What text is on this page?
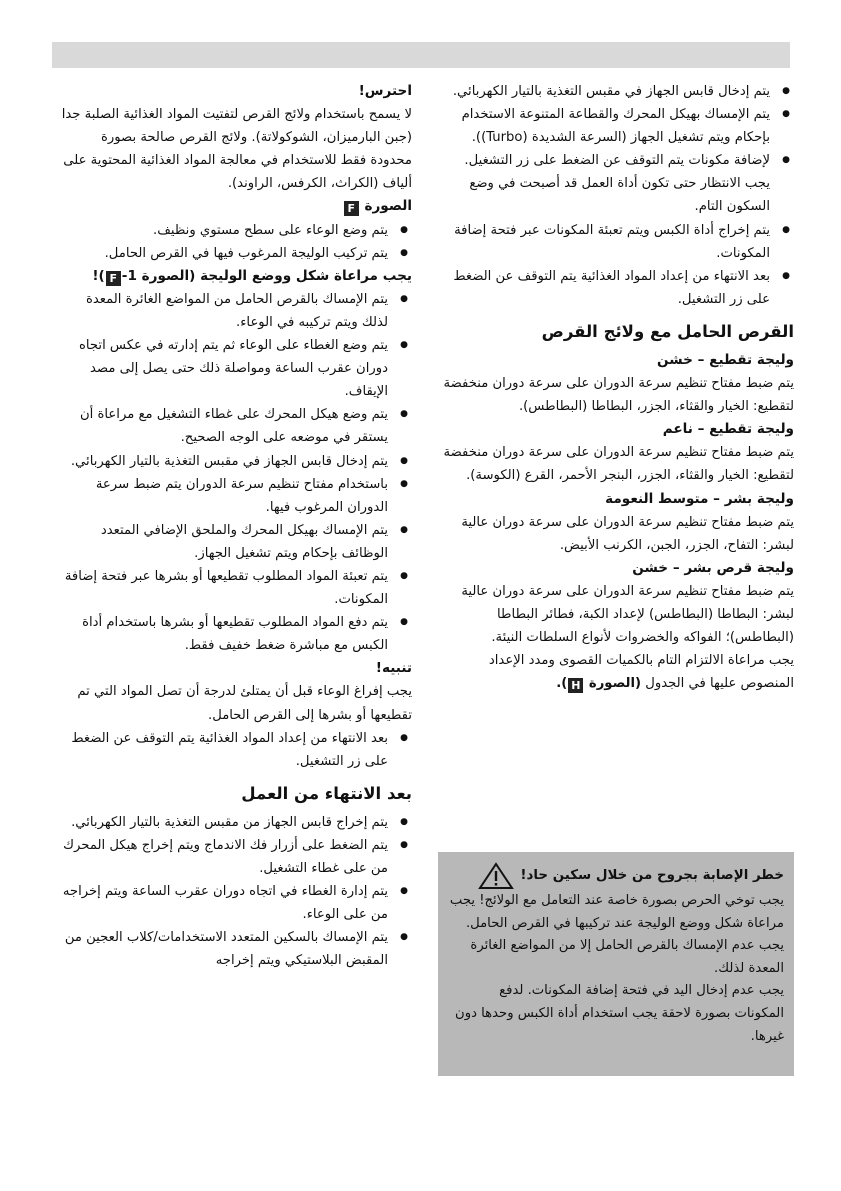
● يتم إدخال قابس الجهاز في مقبس التغذية بالتيار الكهربائي.
● يتم الإمساك بهيكل المحرك والقطاعة المتنوعة الاستخدام بإحكام ويتم تشغيل الجهاز (السرعة الشديدة (Turbo)).
● لإضافة مكونات يتم التوقف عن الضغط على زر التشغيل. يجب الانتظار حتى تكون أداة العمل قد أصبحت في وضع السكون التام.
● يتم إخراج أداة الكبس ويتم تعبئة المكونات عبر فتحة إضافة المكونات.
● بعد الانتهاء من إعداد المواد الغذائية يتم التوقف عن الضغط على زر التشغيل.
القرص الحامل مع ولائج القرص

وليجة تقطيع – خشن

يتم ضبط مفتاح تنظيم سرعة الدوران على سرعة دوران منخفضة لتقطيع: الخيار والقثاء، الجزر، البطاطا (البطاطس).

وليجة تقطيع – ناعم

يتم ضبط مفتاح تنظيم سرعة الدوران على سرعة دوران منخفضة لتقطيع: الخيار والقثاء، الجزر، البنجر الأحمر، القرع (الكوسة).

وليجة بشر – متوسط النعومة

يتم ضبط مفتاح تنظيم سرعة الدوران على سرعة دوران عالية لبشر: التفاح، الجزر، الجبن، الكرنب الأبيض.

وليجة قرص بشر – خشن

يتم ضبط مفتاح تنظيم سرعة الدوران على سرعة دوران عالية لبشر: البطاطا (البطاطس) لإعداد الكبة، فطائر البطاطا (البطاطس)؛ الفواكه والخضروات لأنواع السلطات النيئة.

يجب مراعاة الالتزام التام بالكميات القصوى ومدد الإعداد المنصوص عليها في الجدول (الصورة H).

خطر الإصابة بجروح من خلال سكين حاد!

يجب توخي الحرص بصورة خاصة عند التعامل مع الولائج! يجب مراعاة شكل ووضع الوليجة عند تركيبها في القرص الحامل. يجب عدم الإمساك بالقرص الحامل إلا من المواضع الغائرة المعدة لذلك.

يجب عدم إدخال اليد في فتحة إضافة المكونات. لدفع المكونات بصورة لاحقة يجب استخدام أداة الكبس وحدها دون غيرها.

احترس!

لا يسمح باستخدام ولائج القرص لتفتيت المواد الغذائية الصلبة جدا (جبن البارميزان، الشوكولاتة). ولائج القرص صالحة بصورة محدودة فقط للاستخدام في معالجة المواد الغذائية المحتوية على ألياف (الكراث، الكرفس، الراوند).

الصورة F

● يتم وضع الوعاء على سطح مستوي ونظيف.
● يتم تركيب الوليجة المرغوب فيها في القرص الحامل.

يجب مراعاة شكل ووضع الوليجة (الصورة 1-F)!

● يتم الإمساك بالقرص الحامل من المواضع الغائرة المعدة لذلك ويتم تركيبه في الوعاء.
● يتم وضع الغطاء على الوعاء ثم يتم إدارته في عكس اتجاه دوران عقرب الساعة ومواصلة ذلك حتى يصل إلى مصد الإيقاف.
● يتم وضع هيكل المحرك على غطاء التشغيل مع مراعاة أن يستقر في موضعه على الوجه الصحيح.
● يتم إدخال قابس الجهاز في مقبس التغذية بالتيار الكهربائي.
● باستخدام مفتاح تنظيم سرعة الدوران يتم ضبط سرعة الدوران المرغوب فيها.
● يتم الإمساك بهيكل المحرك والملحق الإضافي المتعدد الوظائف بإحكام ويتم تشغيل الجهاز.
● يتم تعبئة المواد المطلوب تقطيعها أو بشرها عبر فتحة إضافة المكونات.
● يتم دفع المواد المطلوب تقطيعها أو بشرها باستخدام أداة الكبس مع مباشرة ضغط خفيف فقط.

تنبيه!

يجب إفراغ الوعاء قبل أن يمتلئ لدرجة أن تصل المواد التي تم تقطيعها أو بشرها إلى القرص الحامل.

● بعد الانتهاء من إعداد المواد الغذائية يتم التوقف عن الضغط على زر التشغيل.
بعد الانتهاء من العمل
● يتم إخراج قابس الجهاز من مقبس التغذية بالتيار الكهربائي.
● يتم الضغط على أزرار فك الاندماج ويتم إخراج هيكل المحرك من على غطاء التشغيل.
● يتم إدارة الغطاء في اتجاه دوران عقرب الساعة ويتم إخراجه من على الوعاء.
● يتم الإمساك بالسكين المتعدد الاستخدامات/كلاب العجين من المقبض البلاستيكي ويتم إخراجه
